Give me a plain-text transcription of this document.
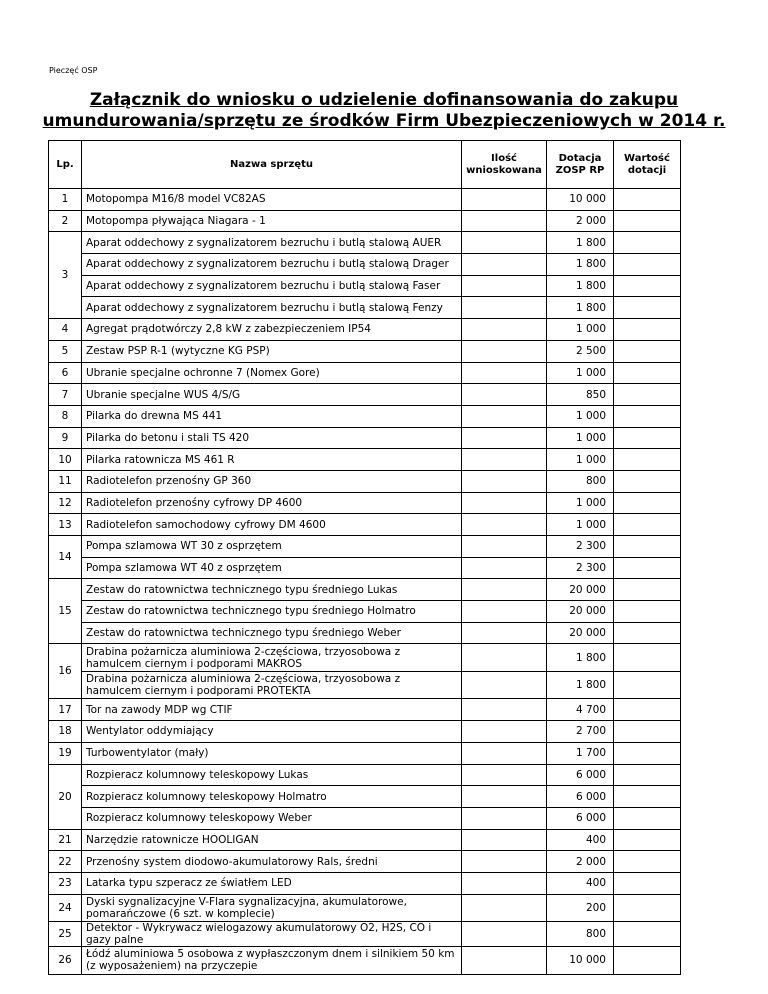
Pieczęć OSP
Załącznik do wniosku o udzielenie dofinansowania do zakupu
umundurowania/sprzętu ze środków Firm Ubezpieczeniowych w 2014 r.
Lp.	Nazwa sprzętu	Ilość wnioskowana	Dotacja ZOSP RP	Wartość dotacji
1	Motopompa M16/8 model VC82AS		10 000	
2	Motopompa pływająca Niagara - 1		2 000	
3	Aparat oddechowy z sygnalizatorem bezruchu i butlą stalową AUER		1 800	
	Aparat oddechowy z sygnalizatorem bezruchu i butlą stalową Drager		1 800	
	Aparat oddechowy z sygnalizatorem bezruchu i butlą stalową Faser		1 800	
	Aparat oddechowy z sygnalizatorem bezruchu i butlą stalową Fenzy		1 800	
4	Agregat prądotwórczy 2,8 kW z zabezpieczeniem IP54		1 000	
5	Zestaw PSP R-1 (wytyczne KG PSP)		2 500	
6	Ubranie specjalne ochronne 7 (Nomex Gore)		1 000	
7	Ubranie specjalne WUS 4/S/G		850	
8	Pilarka do drewna MS 441		1 000	
9	Pilarka do betonu i stali TS 420		1 000	
10	Pilarka ratownicza MS 461 R		1 000	
11	Radiotelefon przenośny GP 360		800	
12	Radiotelefon przenośny cyfrowy DP 4600		1 000	
13	Radiotelefon samochodowy cyfrowy DM 4600		1 000	
14	Pompa szlamowa WT 30 z osprzętem		2 300	
	Pompa szlamowa WT 40 z osprzętem		2 300	
15	Zestaw do ratownictwa technicznego typu średniego Lukas		20 000	
	Zestaw do ratownictwa technicznego typu średniego Holmatro		20 000	
	Zestaw do ratownictwa technicznego typu średniego Weber		20 000	
16	Drabina pożarnicza aluminiowa 2-częściowa, trzyosobowa z hamulcem ciernym i podporami MAKROS		1 800	
	Drabina pożarnicza aluminiowa 2-częściowa, trzyosobowa z hamulcem ciernym i podporami PROTEKTA		1 800	
17	Tor na zawody MDP wg CTIF		4 700	
18	Wentylator oddymiający		2 700	
19	Turbowentylator (mały)		1 700	
20	Rozpieracz kolumnowy teleskopowy Lukas		6 000	
	Rozpieracz kolumnowy teleskopowy Holmatro		6 000	
	Rozpieracz kolumnowy teleskopowy Weber		6 000	
21	Narzędzie ratownicze HOOLIGAN		400	
22	Przenośny system diodowo-akumulatorowy Rals, średni		2 000	
23	Latarka typu szperacz ze światłem LED		400	
24	Dyski sygnalizacyjne V-Flara sygnalizacyjna, akumulatorowe, pomarańczowe (6 szt. w komplecie)		200	
25	Detektor - Wykrywacz wielogazowy akumulatorowy O2, H2S, CO i gazy palne		800	
26	Łódź aluminiowa 5 osobowa z wypłaszczonym dnem i silnikiem 50 km (z wyposażeniem) na przyczepie		10 000	
